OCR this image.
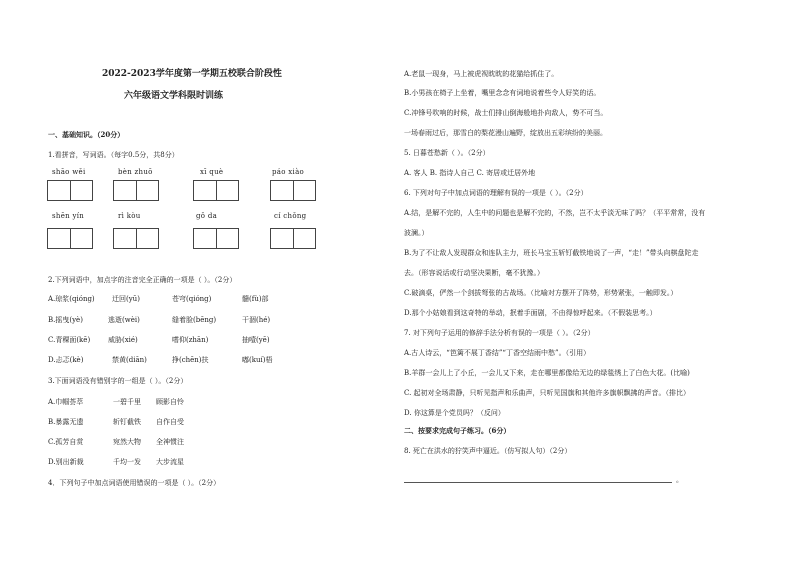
2022-2023学年度第一学期五校联合阶段性
六年级语文学科限时训练
一、基础知识。（20分）
1.看拼音，写词语。（每字0.5分，共8分）
shāo wěi	bèn zhuō	xī què	páo xiào
shēn yín	rì kòu	gǒ da	cí chǒng
2.下列词语中，加点字的注音完全正确的一项是（ ）。（2分）
A.琼浆(qióng) 迁回(yū)	苍穹(qióng)	髓(fù)部
B.摇曳(yè)	逃逝(wèi)	缝着脸(bēng)	干涸(hé)
C.青稞面(kē)	威胁(xié)	嗜仰(zhān)	抽噎(yē)
D.忐忑(kè)	禁黄(diān)	挣(chēn)扶	嘟(kuí)梧
3.下面词语没有错别字的一组是（ ）。（2分）
A.巾帼荟萃	一碧千里 顾影自怜
B.暴露无遗	斩钉截铁 自作自受
C.孤芳自赏	宛然大物 全神惯注
D.别出新裁	千均一发 大步流星
4．下列句子中加点词语使用错误的一项是（ ）。（2分）
A.老鼠一现身，马上被虎视眈眈的花猫给抓住了。
B.小男孩在椅子上坐着，嘴里念念有词地说着些令人好笑的话。
C.冲锋号吹响的时候，战士们排山倒海般地扑向敌人，势不可当。
一场春雨过后，那雪白的梨花漫山遍野，绽放出五彩缤纷的美丽。
5. 日暮苍愁新（ ）。（2分）
A. 客人 B. 指诗人自己 C. 寄居或迁居外地
6. 下列对句子中加点词语的理解有误的一项是（ ）。（2分）
A.结，是解不完的，人生中的问题也是解不完的，不然，岂不太乎淡无味了吗？（平平常常，没有
波澜。）
B.为了不让敌人发现群众和连队主力，班长马宝玉斩钉截铁地说了一声，“走！”带头向棋盘陀走
去。（形容说话或行动坚决果断，毫不犹豫。）
C.破滴桌，俨然一个剑拔弩张的古战场。（比喻对方摆开了阵势，形势紧张，一触即发。）
D.那个小姑娘看到这奇特的举动，抿着手面剧，不由得惊呼起来。（不假装思考。）
7. 对下列句子运用的修辞手法分析有误的一项是（ ）。（2分）
A.古人诗云，“笆篱不展丁香结”“丁香空结雨中愁”。（引用）
B.羊群一会儿上了小丘，一会儿又下来，走在哪里都像给无边的绿毯绣上了白色大花。(比喻)
C. 起初对全场肃静，只听见指声和乐曲声，只听见国旗和其他许多旗帜飘拂的声音。（排比）
D. 你这算是个党员吗？（反问）
二、按要求完成句子练习。（6分）
8. 死亡在洪水的狞笑声中逼近。（仿写拟人句）（2分）
。
